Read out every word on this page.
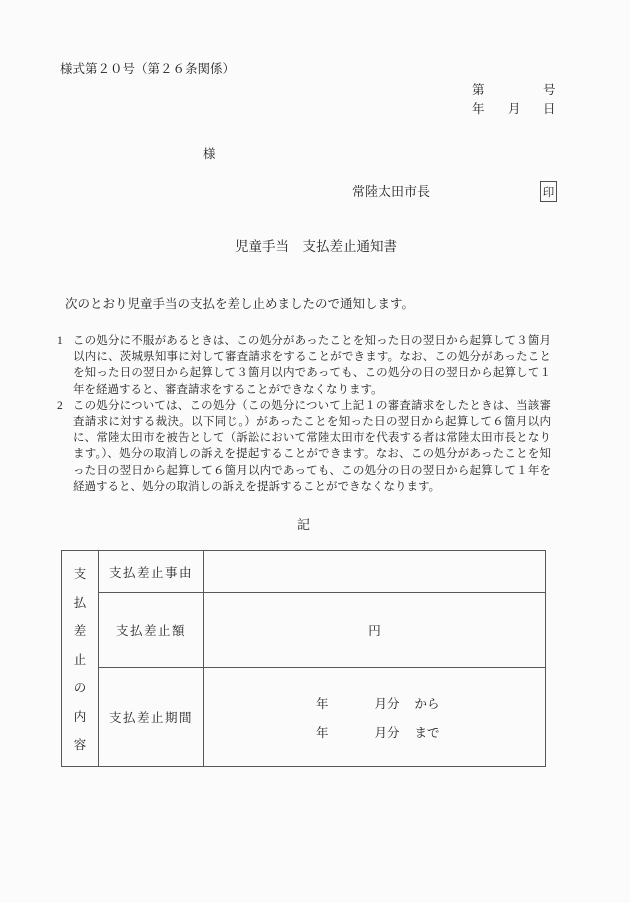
様式第２０号（第２６条関係）
第	号
年 月 日
様
常陸太田市長	印
児童手当　支払差止通知書
次のとおり児童手当の支払を差し止めましたので通知します。
1 この処分に不服があるときは、この処分があったことを知った日の翌日から起算して３箇月以内に、茨城県知事に対して審査請求をすることができます。なお、この処分があったことを知った日の翌日から起算して３箇月以内であっても、この処分の日の翌日から起算して１年を経過すると、審査請求をすることができなくなります。
2 この処分については、この処分（この処分について上記１の審査請求をしたときは、当該審査請求に対する裁決。以下同じ。）があったことを知った日の翌日から起算して６箇月以内に、常陸太田市を被告として（訴訟において常陸太田市を代表する者は常陸太田市長となります。）、処分の取消しの訴えを提起することができます。なお、この処分があったことを知った日の翌日から起算して６箇月以内であっても、この処分の日の翌日から起算して１年を経過すると、処分の取消しの訴えを提訴することができなくなります。
記
支
払
差
止
の
内
容
支払差止事由
支払差止額	円
支払差止期間
年	月分 から
年	月分 まで
